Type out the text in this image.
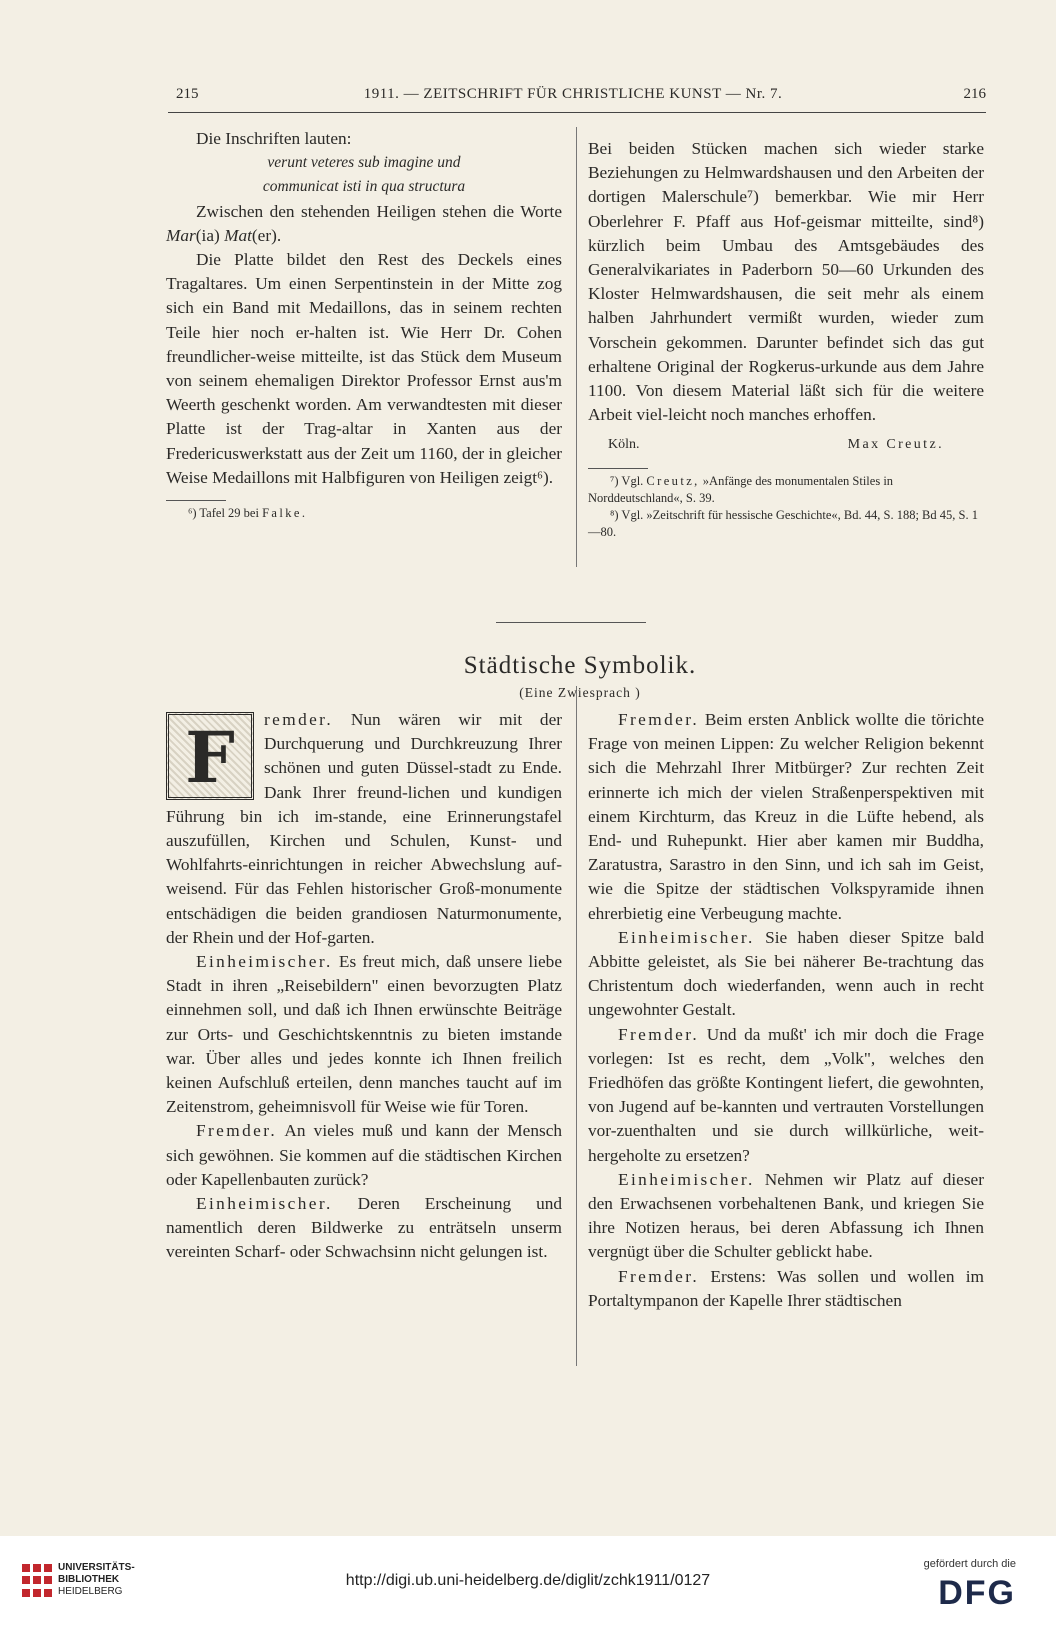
215	1911. — ZEITSCHRIFT FÜR CHRISTLICHE KUNST — Nr. 7.	216

Die Inschriften lauten:

verunt veteres sub imagine und

communicat isti in qua structura

Zwischen den stehenden Heiligen stehen die Worte Mar(ia) Mat(er).

Die Platte bildet den Rest des Deckels eines Tragaltares. Um einen Serpentinstein in der Mitte zog sich ein Band mit Medaillons, das in seinem rechten Teile hier noch er-halten ist. Wie Herr Dr. Cohen freundlicher-weise mitteilte, ist das Stück dem Museum von seinem ehemaligen Direktor Professor Ernst aus'm Weerth geschenkt worden. Am verwandtesten mit dieser Platte ist der Trag-altar in Xanten aus der Fredericuswerkstatt aus der Zeit um 1160, der in gleicher Weise Medaillons mit Halbfiguren von Heiligen zeigt⁶).

⁶) Tafel 29 bei Falke.

Bei beiden Stücken machen sich wieder starke Beziehungen zu Helmwardshausen und den Arbeiten der dortigen Malerschule⁷) bemerkbar. Wie mir Herr Oberlehrer F. Pfaff aus Hof-geismar mitteilte, sind⁸) kürzlich beim Umbau des Amtsgebäudes des Generalvikariates in Paderborn 50—60 Urkunden des Kloster Helmwardshausen, die seit mehr als einem halben Jahrhundert vermißt wurden, wieder zum Vorschein gekommen. Darunter befindet sich das gut erhaltene Original der Rogkerus-urkunde aus dem Jahre 1100. Von diesem Material läßt sich für die weitere Arbeit viel-leicht noch manches erhoffen.

Köln.	Max Creutz.

⁷) Vgl. Creutz, »Anfänge des monumentalen Stiles in Norddeutschland«, S. 39.

⁸) Vgl. »Zeitschrift für hessische Geschichte«, Bd. 44, S. 188; Bd 45, S. 1—80.

Städtische Symbolik.
(Eine Zwiesprach )

F	remder. Nun wären wir mit der Durchquerung und Durchkreuzung Ihrer schönen und guten Düssel-stadt zu Ende. Dank Ihrer freund-lichen und kundigen Führung bin ich im-stande, eine Erinnerungstafel auszufüllen, Kirchen und Schulen, Kunst- und Wohlfahrts-einrichtungen in reicher Abwechslung auf-weisend. Für das Fehlen historischer Groß-monumente entschädigen die beiden grandiosen Naturmonumente, der Rhein und der Hof-garten.

Einheimischer. Es freut mich, daß unsere liebe Stadt in ihren „Reisebildern" einen bevorzugten Platz einnehmen soll, und daß ich Ihnen erwünschte Beiträge zur Orts- und Geschichtskenntnis zu bieten imstande war. Über alles und jedes konnte ich Ihnen freilich keinen Aufschluß erteilen, denn manches taucht auf im Zeitenstrom, geheimnisvoll für Weise wie für Toren.

Fremder. An vieles muß und kann der Mensch sich gewöhnen. Sie kommen auf die städtischen Kirchen oder Kapellenbauten zurück?

Einheimischer. Deren Erscheinung und namentlich deren Bildwerke zu enträtseln unserm vereinten Scharf- oder Schwachsinn nicht gelungen ist.

Fremder. Beim ersten Anblick wollte die törichte Frage von meinen Lippen: Zu welcher Religion bekennt sich die Mehrzahl Ihrer Mitbürger? Zur rechten Zeit erinnerte ich mich der vielen Straßenperspektiven mit einem Kirchturm, das Kreuz in die Lüfte hebend, als End- und Ruhepunkt. Hier aber kamen mir Buddha, Zaratustra, Sarastro in den Sinn, und ich sah im Geist, wie die Spitze der städtischen Volkspyramide ihnen ehrerbietig eine Verbeugung machte.

Einheimischer. Sie haben dieser Spitze bald Abbitte geleistet, als Sie bei näherer Be-trachtung das Christentum doch wiederfanden, wenn auch in recht ungewohnter Gestalt.

Fremder. Und da mußt' ich mir doch die Frage vorlegen: Ist es recht, dem „Volk", welches den Friedhöfen das größte Kontingent liefert, die gewohnten, von Jugend auf be-kannten und vertrauten Vorstellungen vor-zuenthalten und sie durch willkürliche, weit-hergeholte zu ersetzen?

Einheimischer. Nehmen wir Platz auf dieser den Erwachsenen vorbehaltenen Bank, und kriegen Sie ihre Notizen heraus, bei deren Abfassung ich Ihnen vergnügt über die Schulter geblickt habe.

Fremder. Erstens: Was sollen und wollen im Portaltympanon der Kapelle Ihrer städtischen

UNIVERSITÄTS-
BIBLIOTHEK
HEIDELBERG
http://digi.ub.uni-heidelberg.de/diglit/zchk1911/0127
gefördert durch die
DFG
